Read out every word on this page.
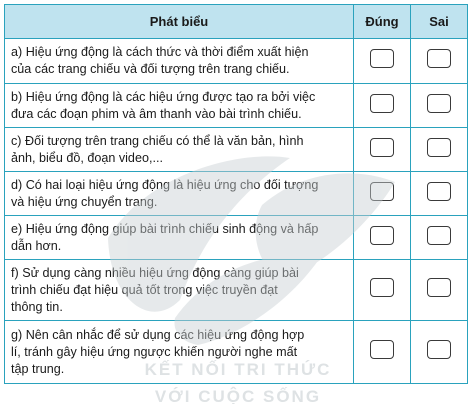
Phát biểu	Đúng	Sai
a) Hiệu ứng động là cách thức và thời điểm xuất hiện
của các trang chiếu và đối tượng trên trang chiếu.		
b) Hiệu ứng động là các hiệu ứng được tạo ra bởi việc
đưa các đoạn phim và âm thanh vào bài trình chiếu.		
c) Đối tượng trên trang chiếu có thể là văn bản, hình
ảnh, biểu đồ, đoạn video,...		
d) Có hai loại hiệu ứng động là hiệu ứng cho đối tượng
và hiệu ứng chuyển trang.		
e) Hiệu ứng động giúp bài trình chiếu sinh động và hấp
dẫn hơn.		
f) Sử dụng càng nhiều hiệu ứng động càng giúp bài
trình chiếu đạt hiệu quả tốt trong việc truyền đạt
thông tin.		
g) Nên cân nhắc để sử dụng các hiệu ứng động hợp
lí, tránh gây hiệu ứng ngược khiến người nghe mất
tập trung.			KẾT NỐI TRI THỨC
VỚI CUỘC SỐNG
